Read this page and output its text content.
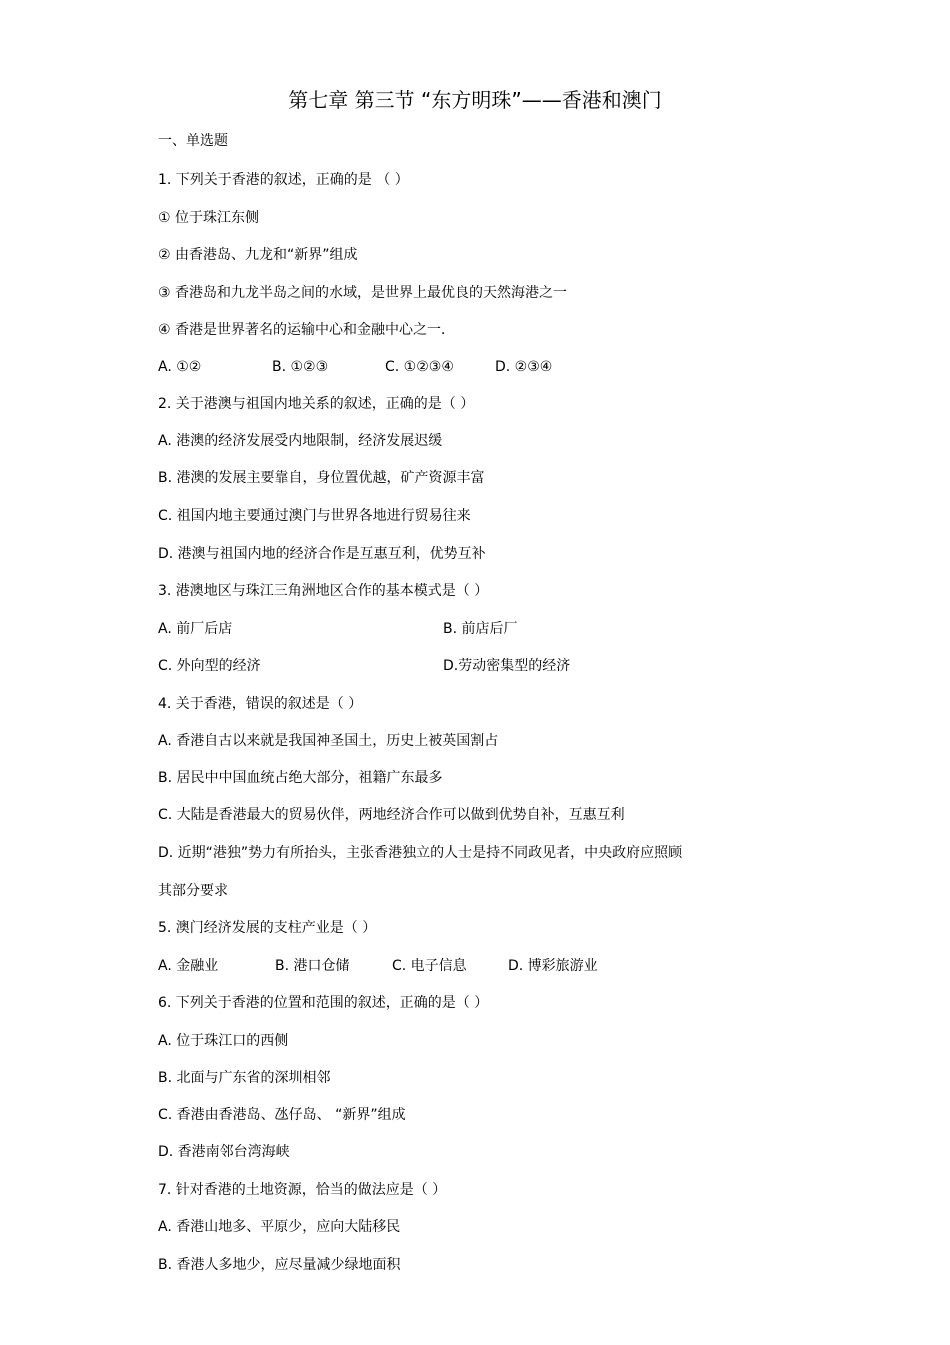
第七章 第三节 “东方明珠”——香港和澳门
一、单选题
1. 下列关于香港的叙述，正确的是 （ ）
① 位于珠江东侧
② 由香港岛、九龙和“新界”组成
③ 香港岛和九龙半岛之间的水域，是世界上最优良的天然海港之一
④ 香港是世界著名的运输中心和金融中心之一．
A. ①②	B. ①②③	C. ①②③④	D. ②③④
2. 关于港澳与祖国内地关系的叙述，正确的是（ ）
A. 港澳的经济发展受内地限制，经济发展迟缓
B. 港澳的发展主要靠自，身位置优越，矿产资源丰富
C. 祖国内地主要通过澳门与世界各地进行贸易往来
D. 港澳与祖国内地的经济合作是互惠互利，优势互补
3. 港澳地区与珠江三角洲地区合作的基本模式是（ ）
A. 前厂后店	B. 前店后厂
C. 外向型的经济	D.劳动密集型的经济
4. 关于香港，错误的叙述是（ ）
A. 香港自古以来就是我国神圣国土，历史上被英国割占
B. 居民中中国血统占绝大部分，祖籍广东最多
C. 大陆是香港最大的贸易伙伴，两地经济合作可以做到优势自补，互惠互利
D. 近期“港独”势力有所抬头，主张香港独立的人士是持不同政见者，中央政府应照顾
其部分要求
5. 澳门经济发展的支柱产业是（ ）
A. 金融业	B. 港口仓储	C. 电子信息	D. 博彩旅游业
6. 下列关于香港的位置和范围的叙述，正确的是（ ）
A. 位于珠江口的西侧
B. 北面与广东省的深圳相邻
C. 香港由香港岛、氹仔岛、 “新界”组成
D. 香港南邻台湾海峡
7. 针对香港的土地资源，恰当的做法应是（ ）
A. 香港山地多、平原少，应向大陆移民
B. 香港人多地少，应尽量减少绿地面积
